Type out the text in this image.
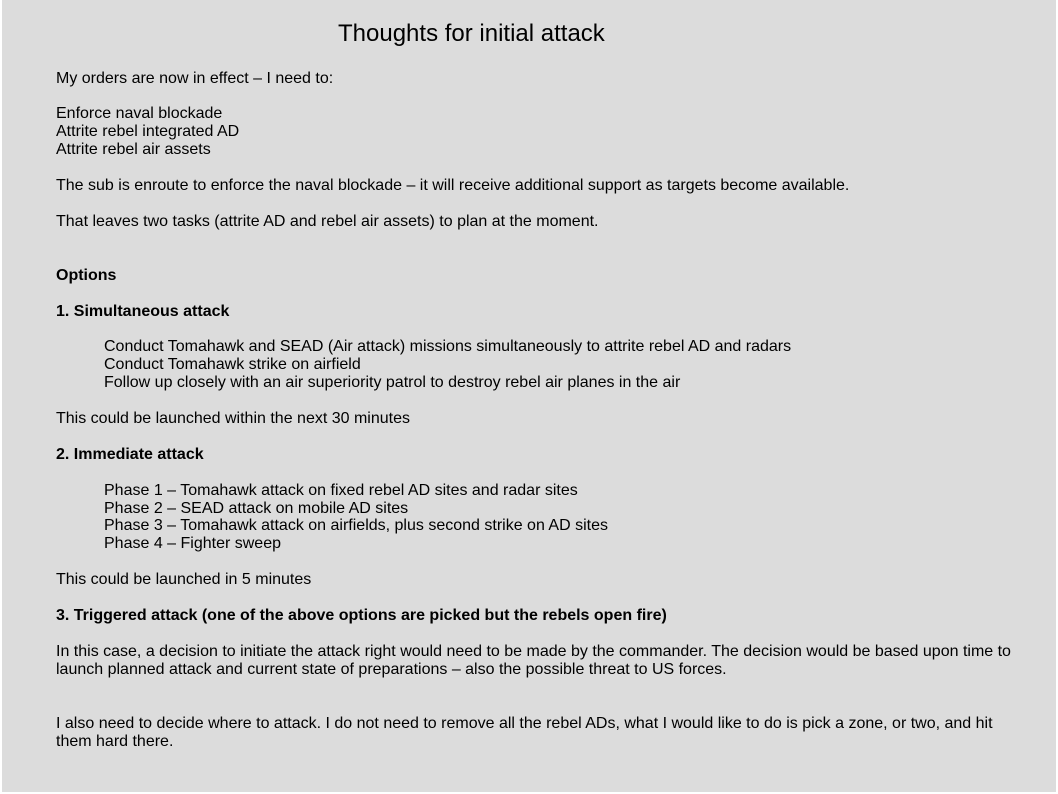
Thoughts for initial attack
My orders are now in effect – I need to:
Enforce naval blockade
Attrite rebel integrated AD
Attrite rebel air assets
The sub is enroute to enforce the naval blockade – it will receive additional support as targets become available.
That leaves two tasks (attrite AD and rebel air assets) to plan at the moment.
Options
1. Simultaneous attack
Conduct Tomahawk and SEAD (Air attack) missions simultaneously to attrite rebel AD and radars
Conduct Tomahawk strike on airfield
Follow up closely with an air superiority patrol to destroy rebel air planes in the air
This could be launched within the next 30 minutes
2. Immediate attack
Phase 1 – Tomahawk attack on fixed rebel AD sites and radar sites
Phase 2 – SEAD attack on mobile AD sites
Phase 3 – Tomahawk attack on airfields, plus second strike on AD sites
Phase 4 – Fighter sweep
This could be launched in 5 minutes
3. Triggered attack (one of the above options are picked but the rebels open fire)
In this case, a decision to initiate the attack right would need to be made by the commander. The decision would be based upon time to launch planned attack and current state of preparations – also the possible threat to US forces.
I also need to decide where to attack. I do not need to remove all the rebel ADs, what I would like to do is pick a zone, or two, and hit them hard there.
